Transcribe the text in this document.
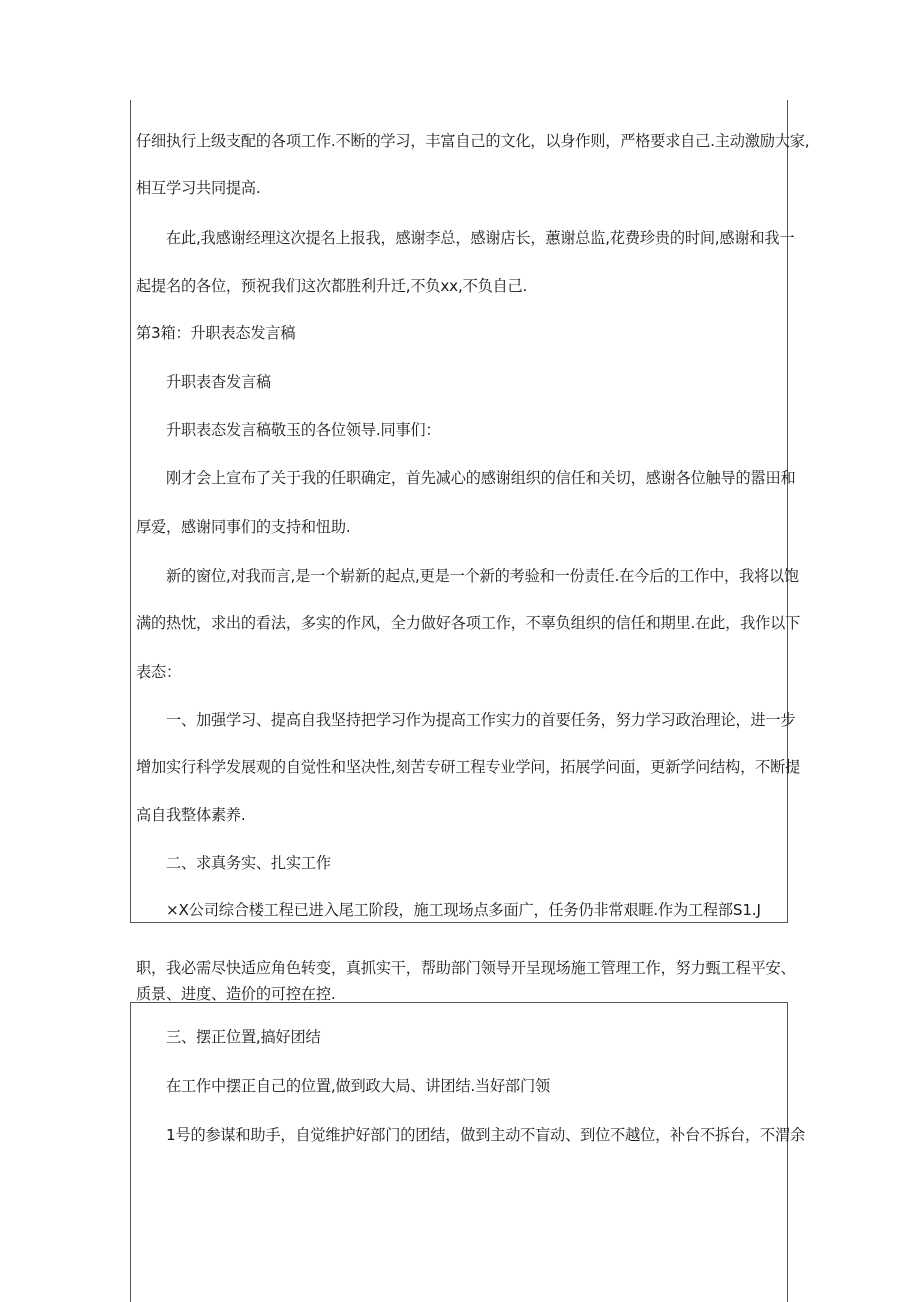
仔细执行上级支配的各项工作.不断的学习，丰富自己的文化，以身作则，严格要求自己.主动激励大家,
相互学习共同提高.
在此,我感谢经理这次提名上报我，感谢李总，感谢店长，蕙谢总监,花费珍贵的时间,感谢和我一
起提名的各位，预祝我们这次都胜利升迁,不负xx,不负自己.
第3箱：升职表态发言稿
升职表杳发言稿
升职表态发言稿敬玉的各位领导.同事们：
刚才会上宣布了关于我的任职确定，首先减心的感谢组织的信任和关切，感谢各位触导的嚣田和
厚爱，感谢同事们的支持和忸助.
新的窗位,对我而言,是一个崭新的起点,更是一个新的考验和一份责任.在今后的工作中，我将以饱
满的热忱，求出的看法，多实的作风，全力做好各项工作，不辜负组织的信任和期里.在此，我作以下
表态：
一、加强学习、提高自我坚持把学习作为提高工作实力的首要任务，努力学习政治理论，进一步
增加实行科学发展观的自觉性和坚决性,刻苦专研工程专业学问，拓展学问面，更新学问结构，不断提
高自我整体素养.
二、求真务实、扎实工作
×X公司综合楼工程已进入尾工阶段，施工现场点多面广，任务仍非常艰睚.作为工程部S1.J
职，我必需尽快适应角色转变，真抓实干，帮助部门领导开呈现场施工管理工作，努力甄工程平安、
质景、进度、造价的可控在控.
三、摆正位置,搞好团结
在工作中摆正自己的位置,做到政大局、讲团结.当好部门领
1号的参谋和助手，自觉维护好部门的团结，做到主动不盲动、到位不越位，补台不拆台，不渭余
